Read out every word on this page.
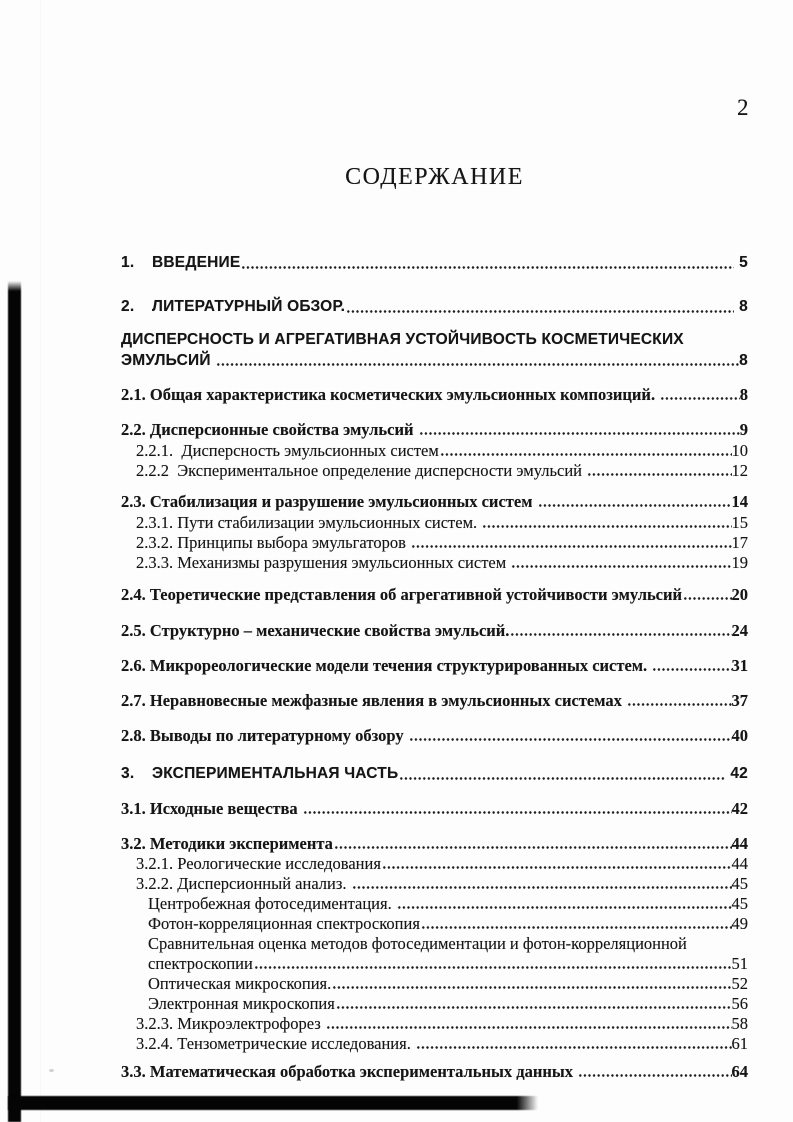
2
СОДЕРЖАНИЕ
1.	ВВЕДЕНИЕ	5
2.	ЛИТЕРАТУРНЫЙ ОБЗОР.	8
ДИСПЕРСНОСТЬ И АГРЕГАТИВНАЯ УСТОЙЧИВОСТЬ КОСМЕТИЧЕСКИХ
ЭМУЛЬСИЙ	8
2.1. Общая характеристика косметических эмульсионных композиций.	8
2.2. Дисперсионные свойства эмульсий	9
2.2.1.  Дисперсность эмульсионных систем	10
2.2.2  Экспериментальное определение дисперсности эмульсий	12
2.3. Стабилизация и разрушение эмульсионных систем	14
2.3.1. Пути стабилизации эмульсионных систем.	15
2.3.2. Принципы выбора эмульгаторов	17
2.3.3. Механизмы разрушения эмульсионных систем	19
2.4. Теоретические представления об агрегативной устойчивости эмульсий	20
2.5. Структурно – механические свойства эмульсий.	24
2.6. Микрореологические модели течения структурированных систем.	31
2.7. Неравновесные межфазные явления в эмульсионных системах	37
2.8. Выводы по литературному обзору	40
3.	ЭКСПЕРИМЕНТАЛЬНАЯ ЧАСТЬ	42
3.1. Исходные вещества	42
3.2. Методики эксперимента	44
3.2.1. Реологические исследования	44
3.2.2. Дисперсионный анализ.	45
Центробежная фотоседиментация.	45
Фотон-корреляционная спектроскопия	49
Сравнительная оценка методов фотоседиментации и фотон-корреляционной
спектроскопии	51
Оптическая микроскопия.	52
Электронная микроскопия	56
3.2.3. Микроэлектрофорез	58
3.2.4. Тензометрические исследования.	61
3.3. Математическая обработка экспериментальных данных	64
